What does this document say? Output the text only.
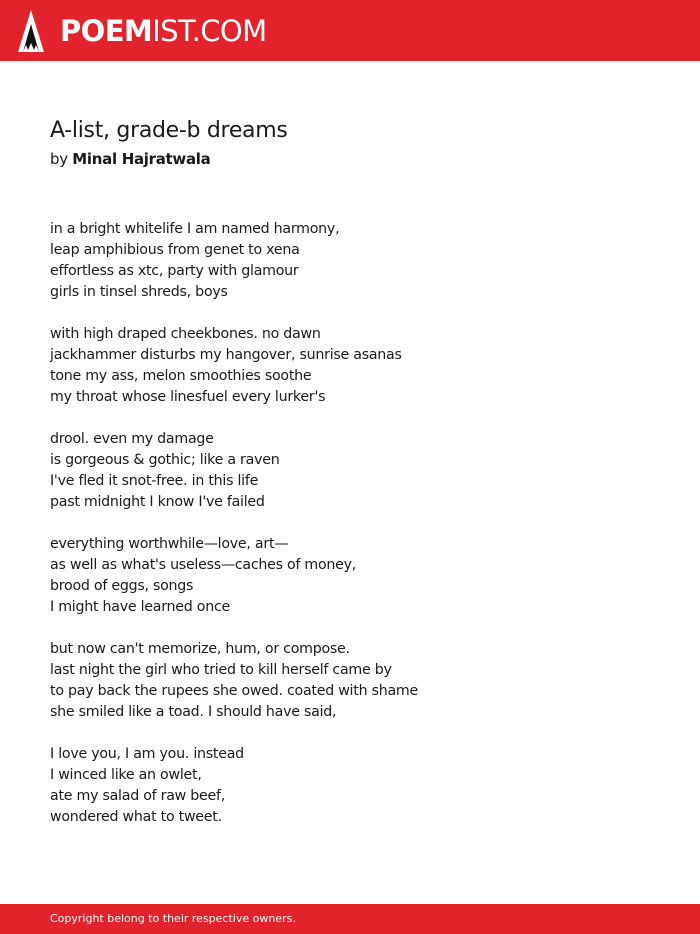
POEMIST.COM
A-list, grade-b dreams
by Minal Hajratwala
in a bright whitelife I am named harmony,
leap amphibious from genet to xena
effortless as xtc, party with glamour
girls in tinsel shreds, boys
with high draped cheekbones. no dawn
jackhammer disturbs my hangover, sunrise asanas
tone my ass, melon smoothies soothe
my throat whose linesfuel every lurker's
drool. even my damage
is gorgeous & gothic; like a raven
I've fled it snot-free. in this life
past midnight I know I've failed
everything worthwhile—love, art—
as well as what's useless—caches of money,
brood of eggs, songs
I might have learned once
but now can't memorize, hum, or compose.
last night the girl who tried to kill herself came by
to pay back the rupees she owed. coated with shame
she smiled like a toad. I should have said,
I love you, I am you. instead
I winced like an owlet,
ate my salad of raw beef,
wondered what to tweet.
Copyright belong to their respective owners.
